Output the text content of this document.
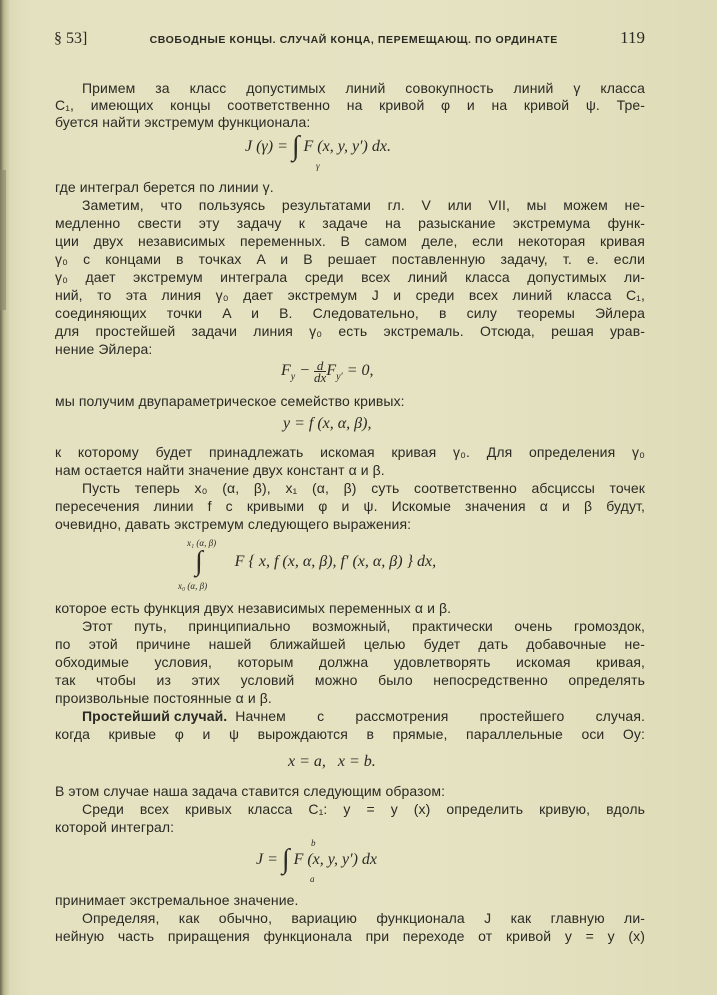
§ 53]	СВОБОДНЫЕ КОНЦЫ. СЛУЧАЙ КОНЦА, ПЕРЕМЕЩАЮЩ. ПО ОРДИНАТЕ	119
Примем за класс допустимых линий совокупность линий γ класса
C₁, имеющих концы соответственно на кривой φ и на кривой ψ. Тре-
буется найти экстремум функционала:
J (γ) = ∫ F (x, y, y′) dx.
γ
где интеграл берется по линии γ.
Заметим, что пользуясь результатами гл. V или VII, мы можем не-
медленно свести эту задачу к задаче на разыскание экстремума функ-
ции двух независимых переменных. В самом деле, если некоторая кривая
γ₀ с концами в точках A и B решает поставленную задачу, т. е. если
γ₀ дает экстремум интеграла среди всех линий класса допустимых ли-
ний, то эта линия γ₀ дает экстремум J и среди всех линий класса C₁,
соединяющих точки A и B. Следовательно, в силу теоремы Эйлера
для простейшей задачи линия γ₀ есть экстремаль. Отсюда, решая урав-
нение Эйлера:
$F_y - \frac{d}{dx} F_{y'} = 0$,
мы получим двупараметрическое семейство кривых:
y = f (x, α, β),
к которому будет принадлежать искомая кривая γ₀. Для определения γ₀
нам остается найти значение двух констант α и β.
Пусть теперь x₀ (α, β), x₁ (α, β) суть соответственно абсциссы точек
пересечения линии f с кривыми φ и ψ. Искомые значения α и β будут,
очевидно, давать экстремум следующего выражения:
x₁ (α, β)
∫ F { x, f (x, α, β), f′ (x, α, β) } dx,
x₀ (α, β)
которое есть функция двух независимых переменных α и β.
Этот путь, принципиально возможный, практически очень громоздок,
по этой причине нашей ближайшей целью будет дать добавочные не-
обходимые условия, которым должна удовлетворять искомая кривая,
так чтобы из этих условий можно было непосредственно определять
произвольные постоянные α и β.
Простейший случай. Начнем с рассмотрения простейшего случая.
когда кривые φ и ψ вырождаются в прямые, параллельные оси Oy:
x = a,   x = b.
В этом случае наша задача ставится следующим образом:
Среди всех кривых класса C₁: y = y (x) определить кривую, вдоль
которой интеграл:
b
J = ∫ F (x, y, y′) dx
a
принимает экстремальное значение.
Определяя, как обычно, вариацию функционала J как главную ли-
нейную часть приращения функционала при переходе от кривой y = y (x)
